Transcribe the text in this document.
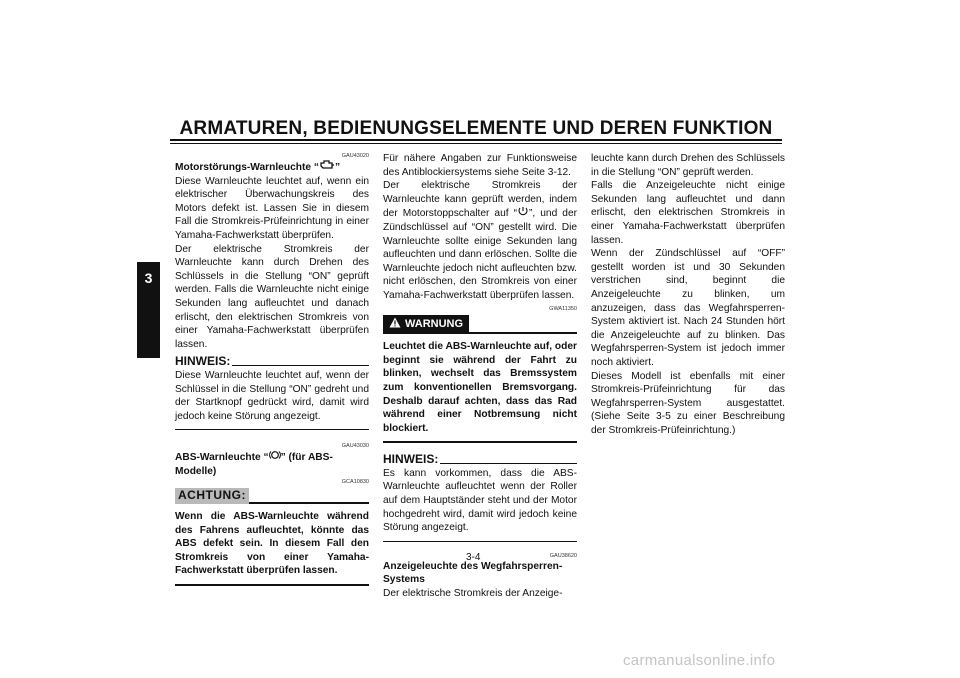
ARMATUREN, BEDIENUNGSELEMENTE UND DEREN FUNKTION
3
GAU43020
Motorstörungs-Warnleuchte “ ”

Diese Warnleuchte leuchtet auf, wenn ein elektrischer Überwachungskreis des Motors defekt ist. Lassen Sie in diesem Fall die Stromkreis-Prüfeinrichtung in einer Yamaha-Fachwerkstatt überprüfen.

Der elektrische Stromkreis der Warnleuchte kann durch Drehen des Schlüssels in die Stellung “ON” geprüft werden. Falls die Warnleuchte nicht einige Sekunden lang aufleuchtet und danach erlischt, den elektrischen Stromkreis von einer Yamaha-Fachwerkstatt überprüfen lassen.

HINWEIS:

Diese Warnleuchte leuchtet auf, wenn der Schlüssel in die Stellung “ON” gedreht und der Startknopf gedrückt wird, damit wird jedoch keine Störung angezeigt.

GAU43030
ABS-Warnleuchte “ ” (für ABS-Modelle)
GCA10830
ACHTUNG:

Wenn die ABS-Warnleuchte während des Fahrens aufleuchtet, könnte das ABS defekt sein. In diesem Fall den Stromkreis von einer Yamaha-Fachwerkstatt überprüfen lassen.

Für nähere Angaben zur Funktionsweise des Antiblockiersystems siehe Seite 3-12.

Der elektrische Stromkreis der Warnleuchte kann geprüft werden, indem der Motorstoppschalter auf “ ”, und der Zündschlüssel auf “ON” gestellt wird. Die Warnleuchte sollte einige Sekunden lang aufleuchten und dann erlöschen. Sollte die Warnleuchte jedoch nicht aufleuchten bzw. nicht erlöschen, den Stromkreis von einer Yamaha-Fachwerkstatt überprüfen lassen.

GWA11350
WARNUNG

Leuchtet die ABS-Warnleuchte auf, oder beginnt sie während der Fahrt zu blinken, wechselt das Bremssystem zum konventionellen Bremsvorgang. Deshalb darauf achten, dass das Rad während einer Notbremsung nicht blockiert.

HINWEIS:

Es kann vorkommen, dass die ABS-Warnleuchte aufleuchtet wenn der Roller auf dem Hauptständer steht und der Motor hochgedreht wird, damit wird jedoch keine Störung angezeigt.

GAU38620
Anzeigeleuchte des Wegfahrsperren-Systems

Der elektrische Stromkreis der Anzeige-

leuchte kann durch Drehen des Schlüssels in die Stellung “ON” geprüft werden.

Falls die Anzeigeleuchte nicht einige Sekunden lang aufleuchtet und dann erlischt, den elektrischen Stromkreis in einer Yamaha-Fachwerkstatt überprüfen lassen.

Wenn der Zündschlüssel auf “OFF” gestellt worden ist und 30 Sekunden verstrichen sind, beginnt die Anzeigeleuchte zu blinken, um anzuzeigen, dass das Wegfahrsperren-System aktiviert ist. Nach 24 Stunden hört die Anzeigeleuchte auf zu blinken. Das Wegfahrsperren-System ist jedoch immer noch aktiviert.

Dieses Modell ist ebenfalls mit einer Stromkreis-Prüfeinrichtung für das Wegfahrsperren-System ausgestattet. (Siehe Seite 3-5 zu einer Beschreibung der Stromkreis-Prüfeinrichtung.)

3-4
carmanualsonline.info
